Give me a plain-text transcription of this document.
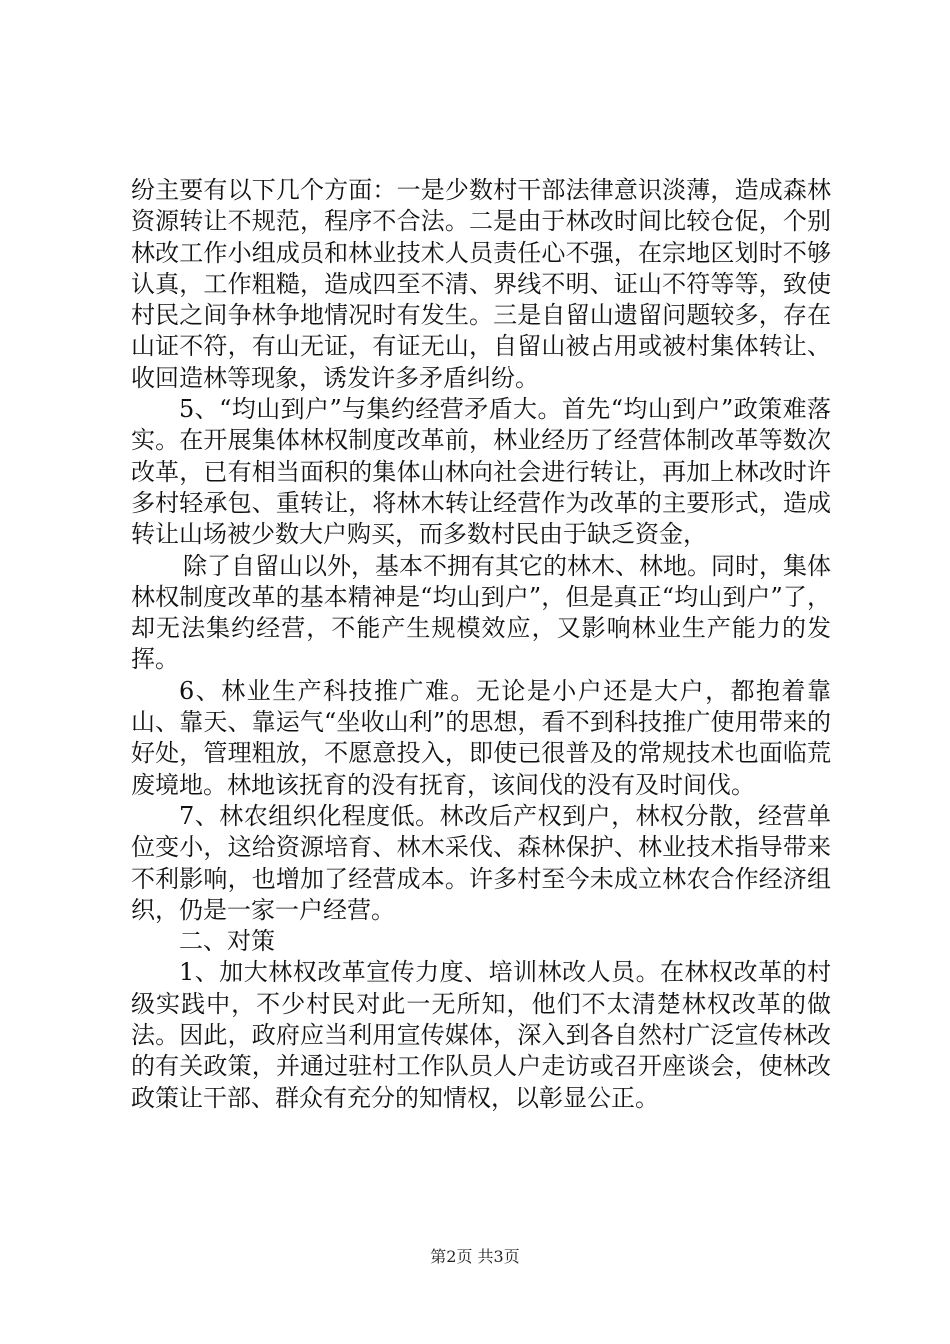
纷主要有以下几个方面：一是少数村干部法律意识淡薄，造成森林资源转让不规范，程序不合法。二是由于林改时间比较仓促，个别林改工作小组成员和林业技术人员责任心不强，在宗地区划时不够认真，工作粗糙，造成四至不清、界线不明、证山不符等等，致使村民之间争林争地情况时有发生。三是自留山遗留问题较多，存在山证不符，有山无证，有证无山，自留山被占用或被村集体转让、收回造林等现象，诱发许多矛盾纠纷。

5、“均山到户”与集约经营矛盾大。首先“均山到户”政策难落实。在开展集体林权制度改革前，林业经历了经营体制改革等数次改革，已有相当面积的集体山林向社会进行转让，再加上林改时许多村轻承包、重转让，将林木转让经营作为改革的主要形式，造成转让山场被少数大户购买，而多数村民由于缺乏资金，

除了自留山以外，基本不拥有其它的林木、林地。同时，集体林权制度改革的基本精神是“均山到户”，但是真正“均山到户”了，却无法集约经营，不能产生规模效应，又影响林业生产能力的发挥。

6、林业生产科技推广难。无论是小户还是大户，都抱着靠山、靠天、靠运气“坐收山利”的思想，看不到科技推广使用带来的好处，管理粗放，不愿意投入，即使已很普及的常规技术也面临荒废境地。林地该抚育的没有抚育，该间伐的没有及时间伐。

7、林农组织化程度低。林改后产权到户，林权分散，经营单位变小，这给资源培育、林木采伐、森林保护、林业技术指导带来不利影响，也增加了经营成本。许多村至今未成立林农合作经济组织，仍是一家一户经营。

二、对策

1、加大林权改革宣传力度、培训林改人员。在林权改革的村级实践中，不少村民对此一无所知，他们不太清楚林权改革的做法。因此，政府应当利用宣传媒体，深入到各自然村广泛宣传林改的有关政策，并通过驻村工作队员人户走访或召开座谈会，使林改政策让干部、群众有充分的知情权，以彰显公正。

第2页 共3页
